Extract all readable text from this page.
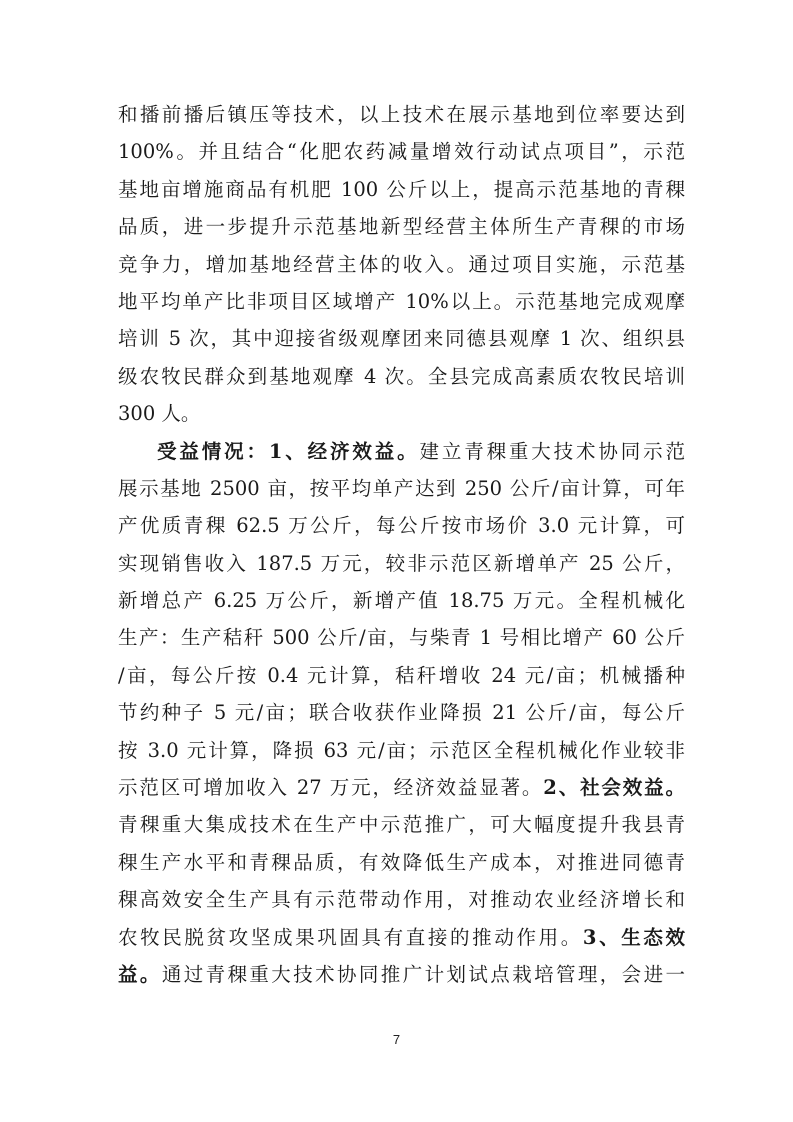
和播前播后镇压等技术，以上技术在展示基地到位率要达到
100%。并且结合“化肥农药减量增效行动试点项目”，示范
基地亩增施商品有机肥 100 公斤以上，提高示范基地的青稞
品质，进一步提升示范基地新型经营主体所生产青稞的市场
竞争力，增加基地经营主体的收入。通过项目实施，示范基
地平均单产比非项目区域增产 10%以上。示范基地完成观摩
培训 5 次，其中迎接省级观摩团来同德县观摩 1 次、组织县
级农牧民群众到基地观摩 4 次。全县完成高素质农牧民培训
300 人。
受益情况：1、经济效益。建立青稞重大技术协同示范
展示基地 2500 亩，按平均单产达到 250 公斤/亩计算，可年
产优质青稞 62.5 万公斤，每公斤按市场价 3.0 元计算，可
实现销售收入 187.5 万元，较非示范区新增单产 25 公斤，
新增总产 6.25 万公斤，新增产值 18.75 万元。全程机械化
生产：生产秸秆 500 公斤/亩，与柴青 1 号相比增产 60 公斤
/亩，每公斤按 0.4 元计算，秸秆增收 24 元/亩；机械播种
节约种子 5 元/亩；联合收获作业降损 21 公斤/亩，每公斤
按 3.0 元计算，降损 63 元/亩；示范区全程机械化作业较非
示范区可增加收入 27 万元，经济效益显著。2、社会效益。
青稞重大集成技术在生产中示范推广，可大幅度提升我县青
稞生产水平和青稞品质，有效降低生产成本，对推进同德青
稞高效安全生产具有示范带动作用，对推动农业经济增长和
农牧民脱贫攻坚成果巩固具有直接的推动作用。3、生态效
益。通过青稞重大技术协同推广计划试点栽培管理，会进一
7
